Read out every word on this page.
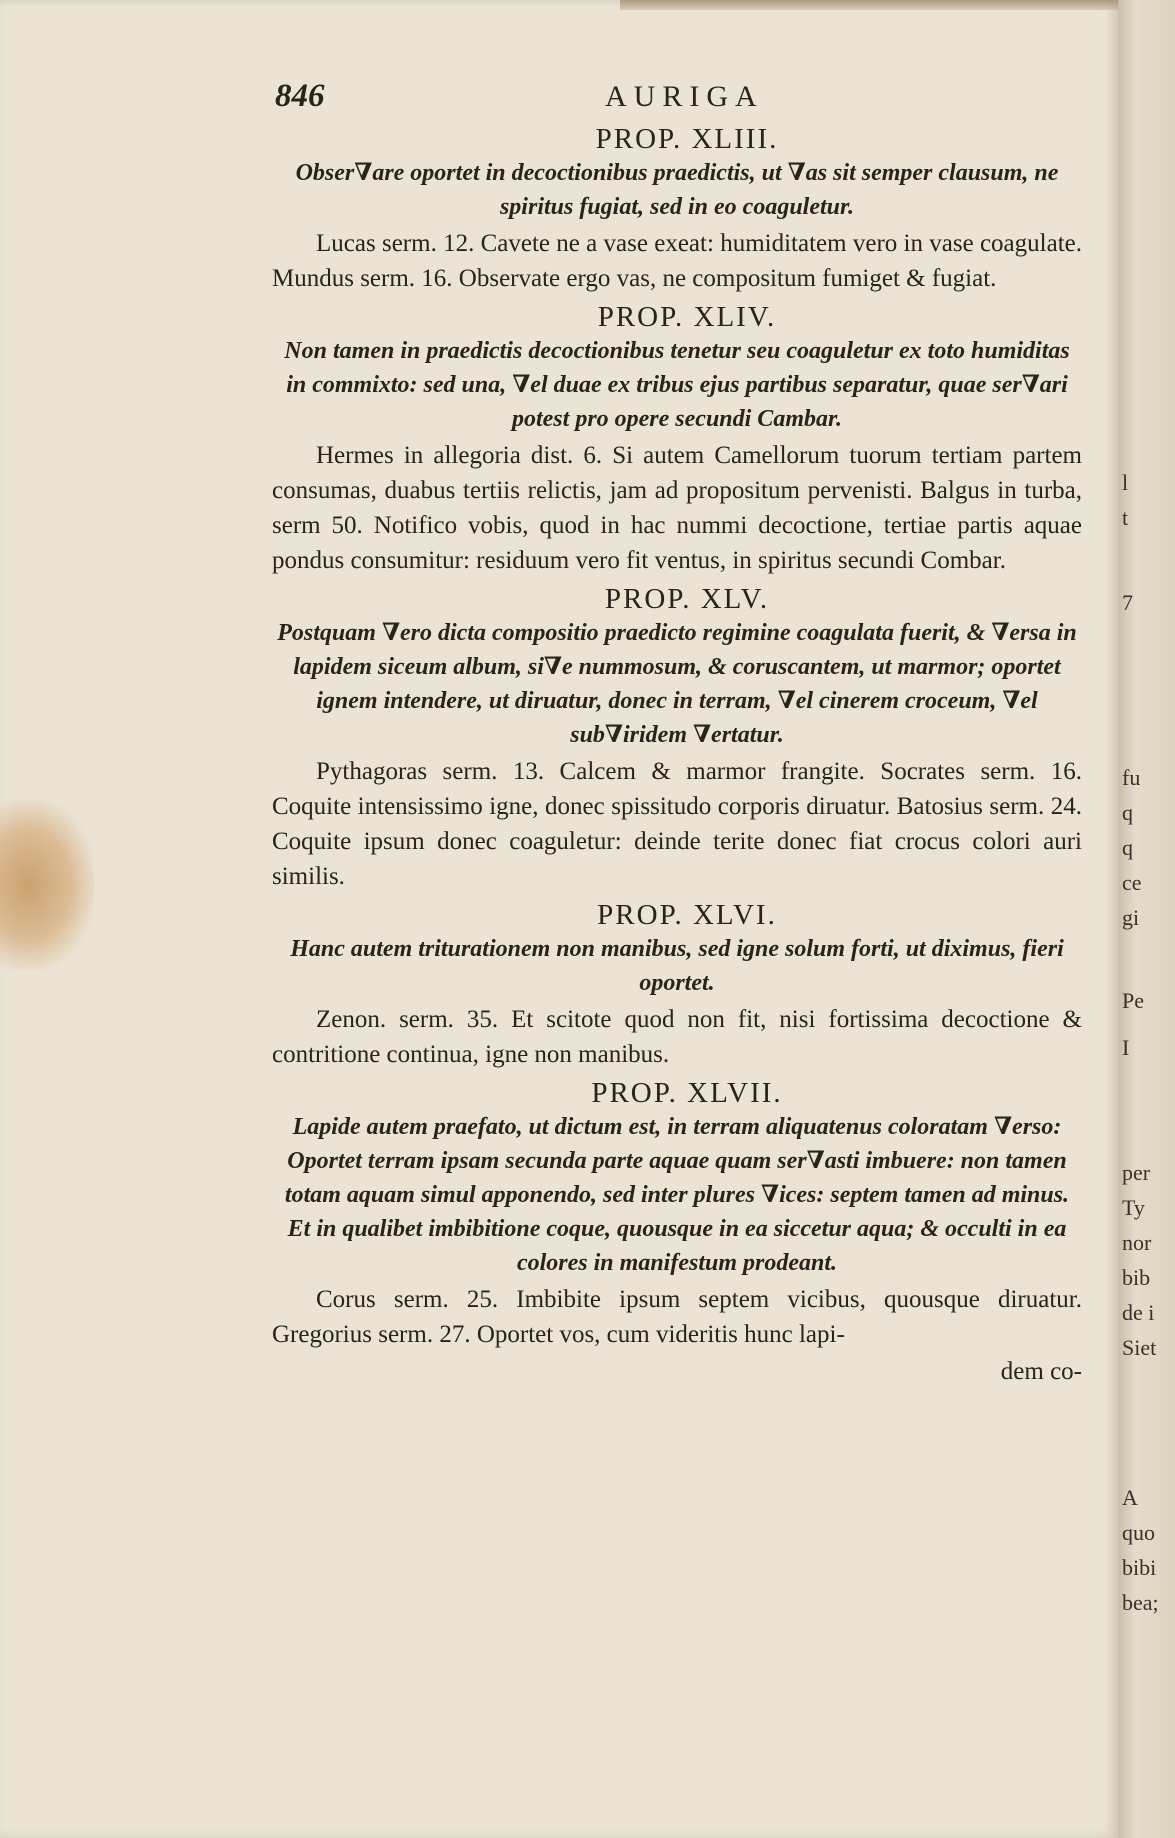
846	AURIGA

PROP. XLIII.

Obser∇are oportet in decoctionibus praedictis, ut ∇as sit semper clausum, ne spiritus fugiat, sed in eo coaguletur.

Lucas serm. 12. Cavete ne a vase exeat: humiditatem vero in vase coagulate. Mundus serm. 16. Observate ergo vas, ne compositum fumiget & fugiat.

PROP. XLIV.

Non tamen in praedictis decoctionibus tenetur seu coaguletur ex toto humiditas in commixto: sed una, ∇el duae ex tribus ejus partibus separatur, quae ser∇ari potest pro opere secundi Cambar.

Hermes in allegoria dist. 6. Si autem Camellorum tuorum tertiam partem consumas, duabus tertiis relictis, jam ad propositum pervenisti. Balgus in turba, serm 50. Notifico vobis, quod in hac nummi decoctione, tertiae partis aquae pondus consumitur: residuum vero fit ventus, in spiritus secundi Combar.

PROP. XLV.

Postquam ∇ero dicta compositio praedicto regimine coagulata fuerit, & ∇ersa in lapidem siceum album, si∇e nummosum, & coruscantem, ut marmor; oportet ignem intendere, ut diruatur, donec in terram, ∇el cinerem croceum, ∇el sub∇iridem ∇ertatur.

Pythagoras serm. 13. Calcem & marmor frangite. Socrates serm. 16. Coquite intensissimo igne, donec spissitudo corporis diruatur. Batosius serm. 24. Coquite ipsum donec coaguletur: deinde terite donec fiat crocus colori auri similis.

PROP. XLVI.

Hanc autem triturationem non manibus, sed igne solum forti, ut diximus, fieri oportet.

Zenon. serm. 35. Et scitote quod non fit, nisi fortissima decoctione & contritione continua, igne non manibus.

PROP. XLVII.

Lapide autem praefato, ut dictum est, in terram aliquatenus coloratam ∇erso: Oportet terram ipsam secunda parte aquae quam ser∇asti imbuere: non tamen totam aquam simul apponendo, sed inter plures ∇ices: septem tamen ad minus. Et in qualibet imbibitione coque, quousque in ea siccetur aqua; & occulti in ea colores in manifestum prodeant.

Corus serm. 25. Imbibite ipsum septem vicibus, quousque diruatur. Gregorius serm. 27. Oportet vos, cum videritis hunc lapi-

dem co-

l
t
7
fu
q
q
ce
gi
Pe
I
per
Ty
nor
bib
de i
Siet
A
quo
bibi
bea;
